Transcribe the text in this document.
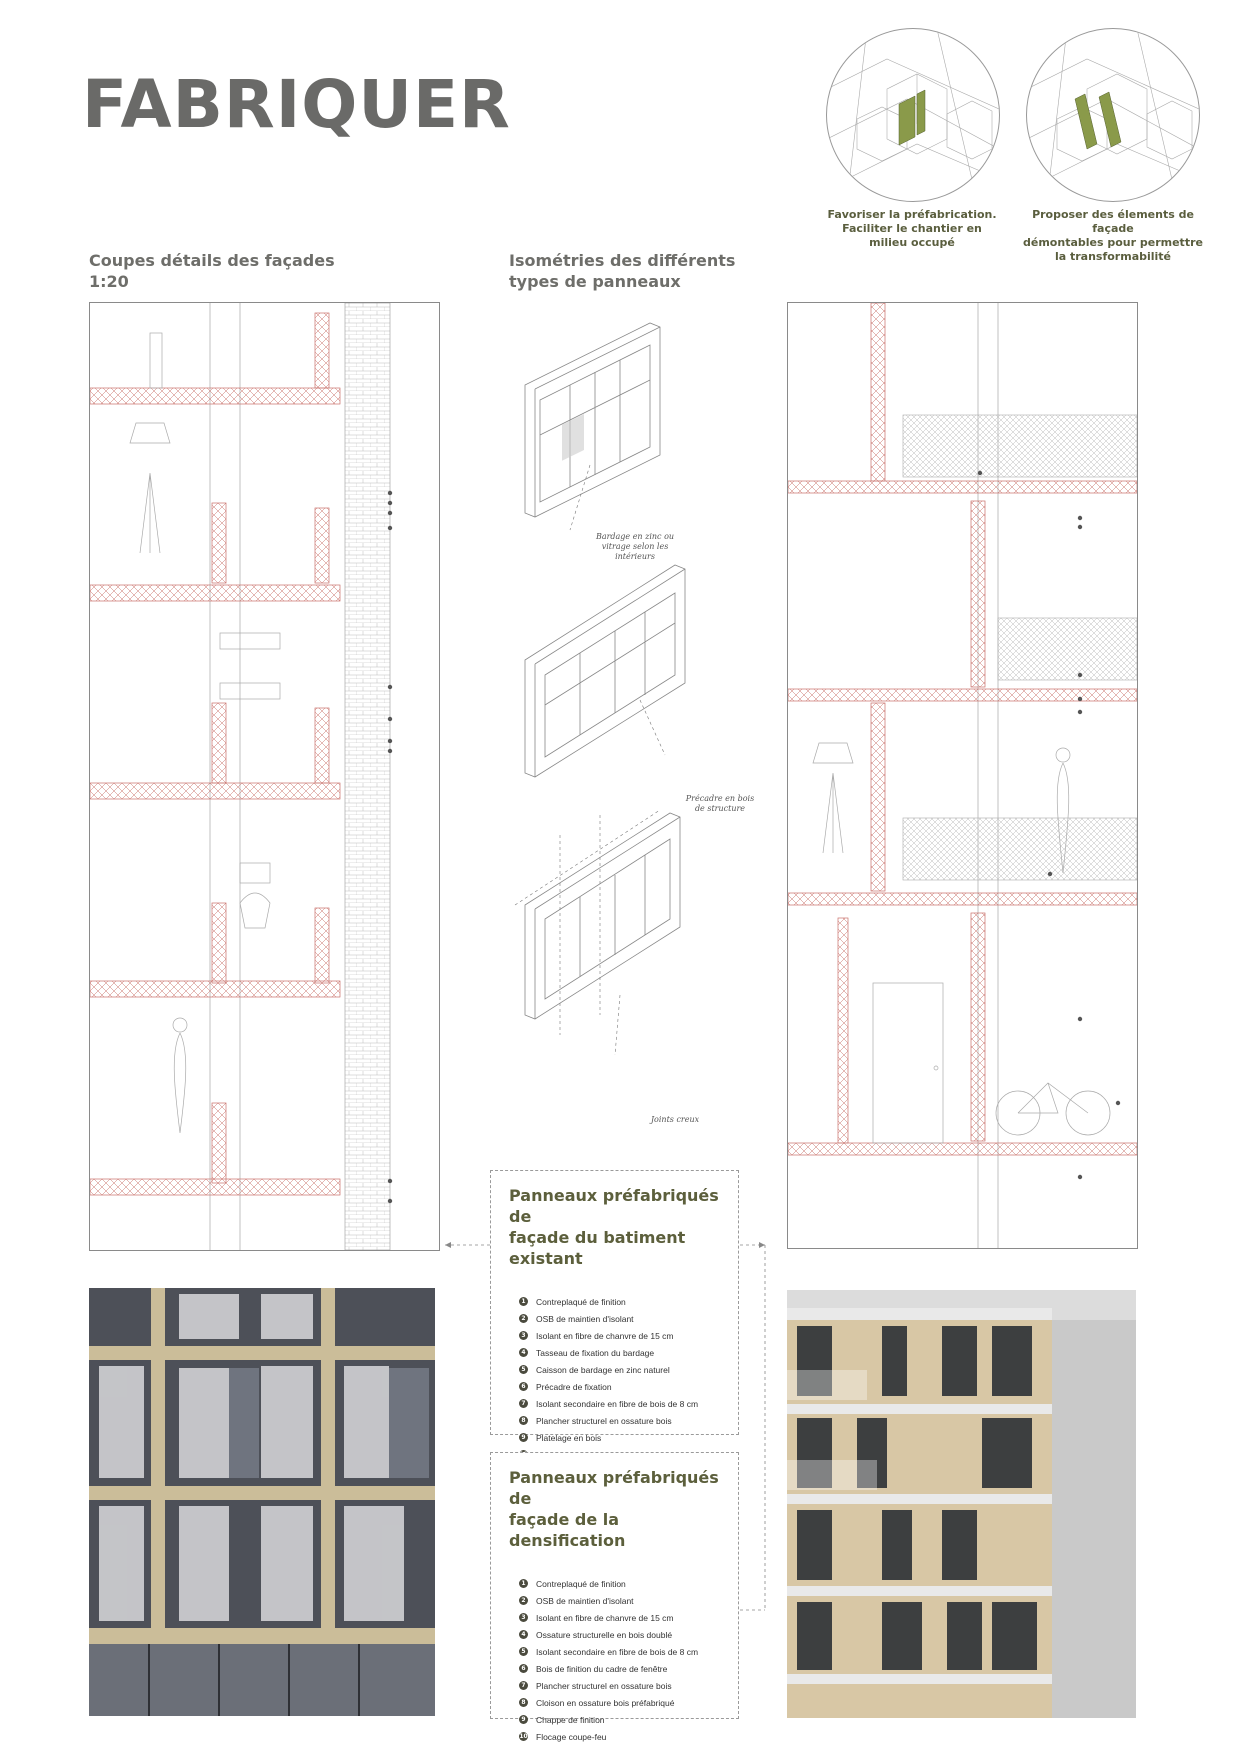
FABRIQUER
Coupes détails des façades
1:20
Isométries des différents
types de panneaux
Favoriser la préfabrication.
Faciliter le chantier en
milieu occupé
Proposer des élements de façade
démontables pour permettre
la transformabilité
Bardage en zinc ou
vitrage selon les
intérieurs
Précadre en bois
de structure
Joints creux
Panneaux préfabriqués de
façade du batiment existant
1 Contreplaqué de finition
2 OSB de maintien d'isolant
3 Isolant en fibre de chanvre de 15 cm
4 Tasseau de fixation du bardage
5 Caisson de bardage en zinc naturel
6 Précadre de fixation
7 Isolant secondaire en fibre de bois de 8 cm
8 Plancher structurel en ossature bois
9 Platelage en bois
Panneaux préfabriqués de
façade de la densification
1 Contreplaqué de finition
2 OSB de maintien d'isolant
3 Isolant en fibre de chanvre de 15 cm
4 Ossature structurelle en bois doublé
5 Isolant secondaire en fibre de bois de 8 cm
6 Bois de finition du cadre de fenêtre
7 Plancher structurel en ossature bois
8 Cloison en ossature bois préfabriqué
9 Chappe de finition
10 Flocage coupe-feu
